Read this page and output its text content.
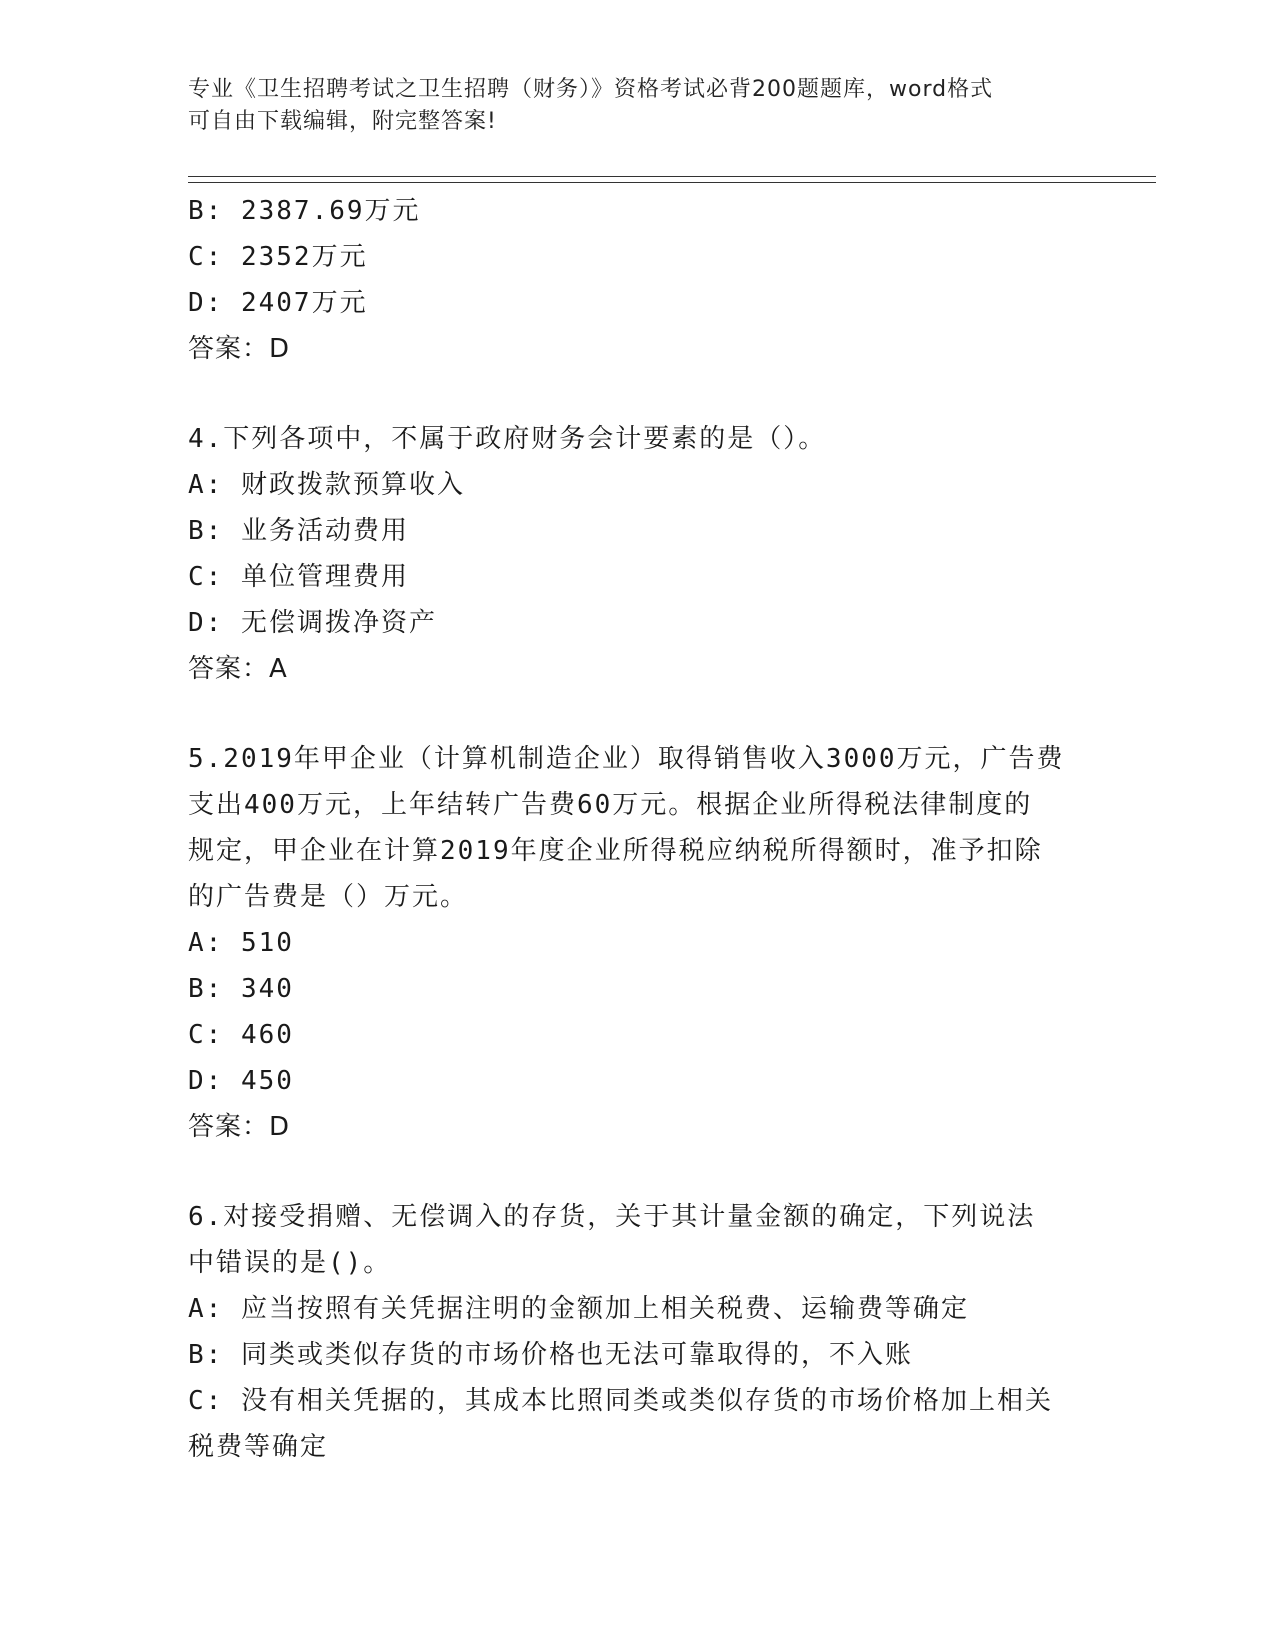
专业《卫生招聘考试之卫生招聘（财务）》资格考试必背200题题库，word格式
可自由下载编辑，附完整答案!
B: 2387.69万元
C: 2352万元
D: 2407万元
答案：D
4.下列各项中，不属于政府财务会计要素的是（）。
A: 财政拨款预算收入
B: 业务活动费用
C: 单位管理费用
D: 无偿调拨净资产
答案：A
5.2019年甲企业（计算机制造企业）取得销售收入3000万元，广告费
支出400万元，上年结转广告费60万元。根据企业所得税法律制度的
规定，甲企业在计算2019年度企业所得税应纳税所得额时，准予扣除
的广告费是（）万元。
A: 510
B: 340
C: 460
D: 450
答案：D
6.对接受捐赠、无偿调入的存货，关于其计量金额的确定，下列说法
中错误的是()。
A: 应当按照有关凭据注明的金额加上相关税费、运输费等确定
B: 同类或类似存货的市场价格也无法可靠取得的，不入账
C: 没有相关凭据的，其成本比照同类或类似存货的市场价格加上相关
税费等确定
